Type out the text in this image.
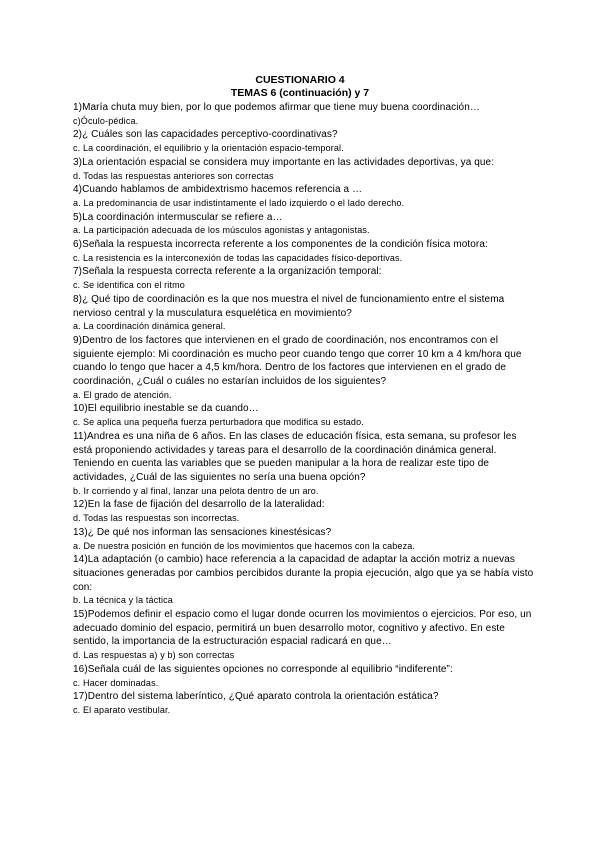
CUESTIONARIO 4
TEMAS 6 (continuación) y 7

1)María chuta muy bien, por lo que podemos afirmar que tiene muy buena coordinación…

c)Óculo-pédica.

2)¿ Cuáles son las capacidades perceptivo-coordinativas?

c. La coordinación, el equilibrio y la orientación espacio-temporal.

3)La orientación espacial se considera muy importante en las actividades deportivas, ya que:

d. Todas las respuestas anteriores son correctas

4)Cuando hablamos de ambidextrismo hacemos referencia a …

a. La predominancia de usar indistintamente el lado izquierdo o el lado derecho.

5)La coordinación intermuscular se refiere a…

a. La participación adecuada de los músculos agonistas y antagonistas.

6)Señala la respuesta incorrecta referente a los componentes de la condición física motora:

c. La resistencia es la interconexión de todas las capacidades físico-deportivas.

7)Señala la respuesta correcta referente a la organización temporal:

c. Se identifica con el ritmo

8)¿ Qué tipo de coordinación es la que nos muestra el nivel de funcionamiento entre el sistema nervioso central y la musculatura esquelética en movimiento?

a. La coordinación dinámica general.

9)Dentro de los factores que intervienen en el grado de coordinación, nos encontramos con el siguiente ejemplo: Mi coordinación es mucho peor cuando tengo que correr 10 km a 4 km/hora que cuando lo tengo que hacer a 4,5 km/hora. Dentro de los factores que intervienen en el grado de coordinación, ¿Cuál o cuáles no estarían incluidos de los siguientes?

a. El grado de atención.

10)El equilibrio inestable se da cuando…

c. Se aplica una pequeña fuerza perturbadora que modifica su estado.

11)Andrea es una niña de 6 años. En las clases de educación física, esta semana, su profesor les está proponiendo actividades y tareas para el desarrollo de la coordinación dinámica general. Teniendo en cuenta las variables que se pueden manipular a la hora de realizar este tipo de actividades, ¿Cuál de las siguientes no sería una buena opción?

b. Ir corriendo y al final, lanzar una pelota dentro de un aro.

12)En la fase de fijación del desarrollo de la lateralidad:

d. Todas las respuestas son incorrectas.

13)¿ De qué nos informan las sensaciones kinestésicas?

a. De nuestra posición en función de los movimientos que hacemos con la cabeza.

14)La adaptación (o cambio) hace referencia a la capacidad de adaptar la acción motriz a nuevas situaciones generadas por cambios percibidos durante la propia ejecución, algo que ya se había visto con:

b. La técnica y la táctica

15)Podemos definir el espacio como el lugar donde ocurren los movimientos o ejercicios. Por eso, un adecuado dominio del espacio, permitirá un buen desarrollo motor, cognitivo y afectivo. En este sentido, la importancia de la estructuración espacial radicará en que…

d. Las respuestas a) y b) son correctas

16)Señala cuál de las siguientes opciones no corresponde al equilibrio “indiferente”:

c. Hacer dominadas.

17)Dentro del sistema laberíntico, ¿Qué aparato controla la orientación estática?

c. El aparato vestibular.
